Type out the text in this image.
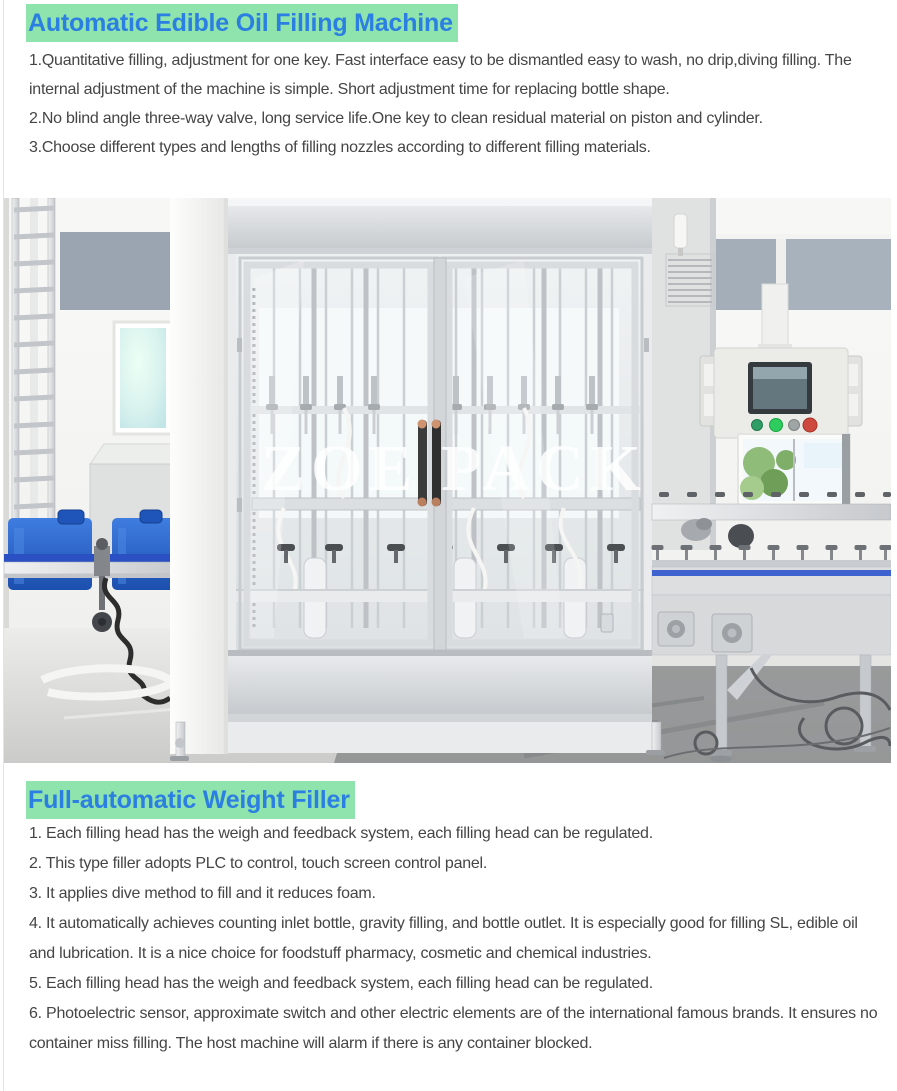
Automatic Edible Oil Filling Machine

1.Quantitative filling, adjustment for one key. Fast interface easy to be dismantled easy to wash, no drip,diving filling. The internal adjustment of the machine is simple. Short adjustment time for replacing bottle shape.

2.No blind angle three-way valve, long service life.One key to clean residual material on piston and cylinder.

3.Choose different types and lengths of filling nozzles according to different filling materials.

ZOE PACK
Full-automatic Weight Filler

1. Each filling head has the weigh and feedback system, each filling head can be regulated.

2. This type filler adopts PLC to control, touch screen control panel.

3. It applies dive method to fill and it reduces foam.

4. It automatically achieves counting inlet bottle, gravity filling, and bottle outlet. It is especially good for filling SL, edible oil and lubrication. It is a nice choice for foodstuff pharmacy, cosmetic and chemical industries.

5. Each filling head has the weigh and feedback system, each filling head can be regulated.

6. Photoelectric sensor, approximate switch and other electric elements are of the international famous brands. It ensures no container miss filling. The host machine will alarm if there is any container blocked.
